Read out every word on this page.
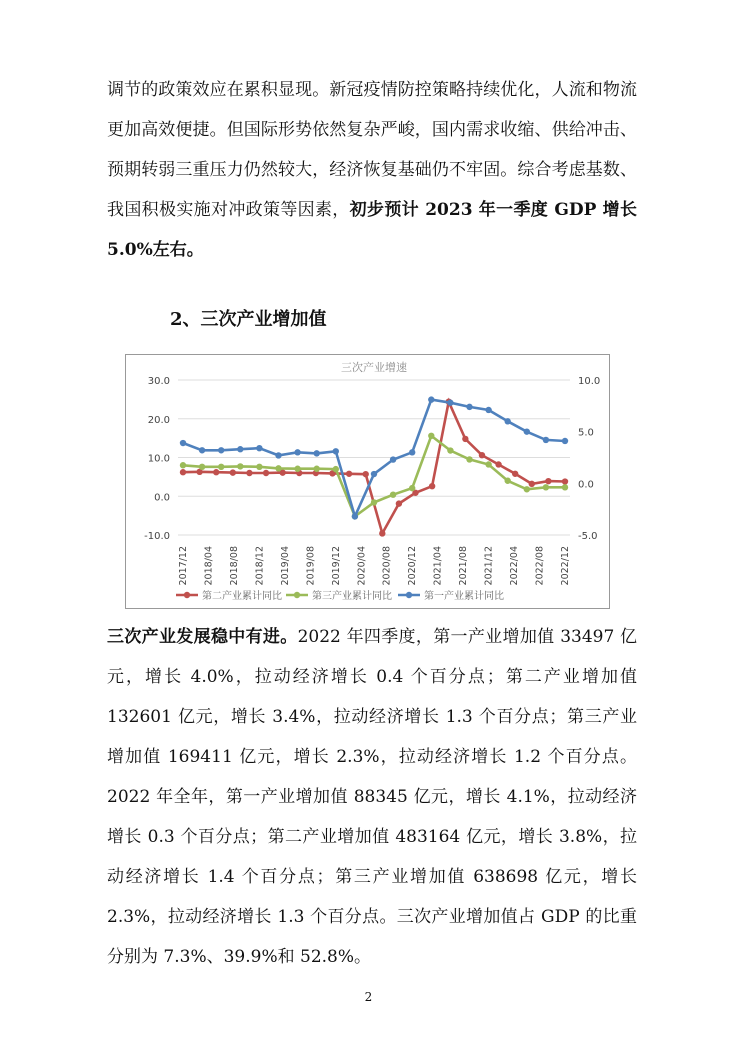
调节的政策效应在累积显现。新冠疫情防控策略持续优化，人流和物流更加高效便捷。但国际形势依然复杂严峻，国内需求收缩、供给冲击、预期转弱三重压力仍然较大，经济恢复基础仍不牢固。综合考虑基数、我国积极实施对冲政策等因素，初步预计 2023 年一季度 GDP 增长 5.0%左右。

2、三次产业增加值

三次产业增速
30.0
20.0
10.0
0.0
-10.0
10.0
5.0
0.0
-5.0
2017/12 2018/04 2018/08 2018/12 2019/04 2019/08 2019/12 2020/04 2020/08 2020/12 2021/04 2021/08 2021/12 2022/04 2022/08 2022/12
第二产业累计同比	第三产业累计同比	第一产业累计同比

三次产业发展稳中有进。2022 年四季度，第一产业增加值 33497 亿元，增长 4.0%，拉动经济增长 0.4 个百分点；第二产业增加值 132601 亿元，增长 3.4%，拉动经济增长 1.3 个百分点；第三产业增加值 169411 亿元，增长 2.3%，拉动经济增长 1.2 个百分点。2022 年全年，第一产业增加值 88345 亿元，增长 4.1%，拉动经济增长 0.3 个百分点；第二产业增加值 483164 亿元，增长 3.8%，拉动经济增长 1.4 个百分点；第三产业增加值 638698 亿元，增长 2.3%，拉动经济增长 1.3 个百分点。三次产业增加值占 GDP 的比重分别为 7.3%、39.9%和 52.8%。

2
